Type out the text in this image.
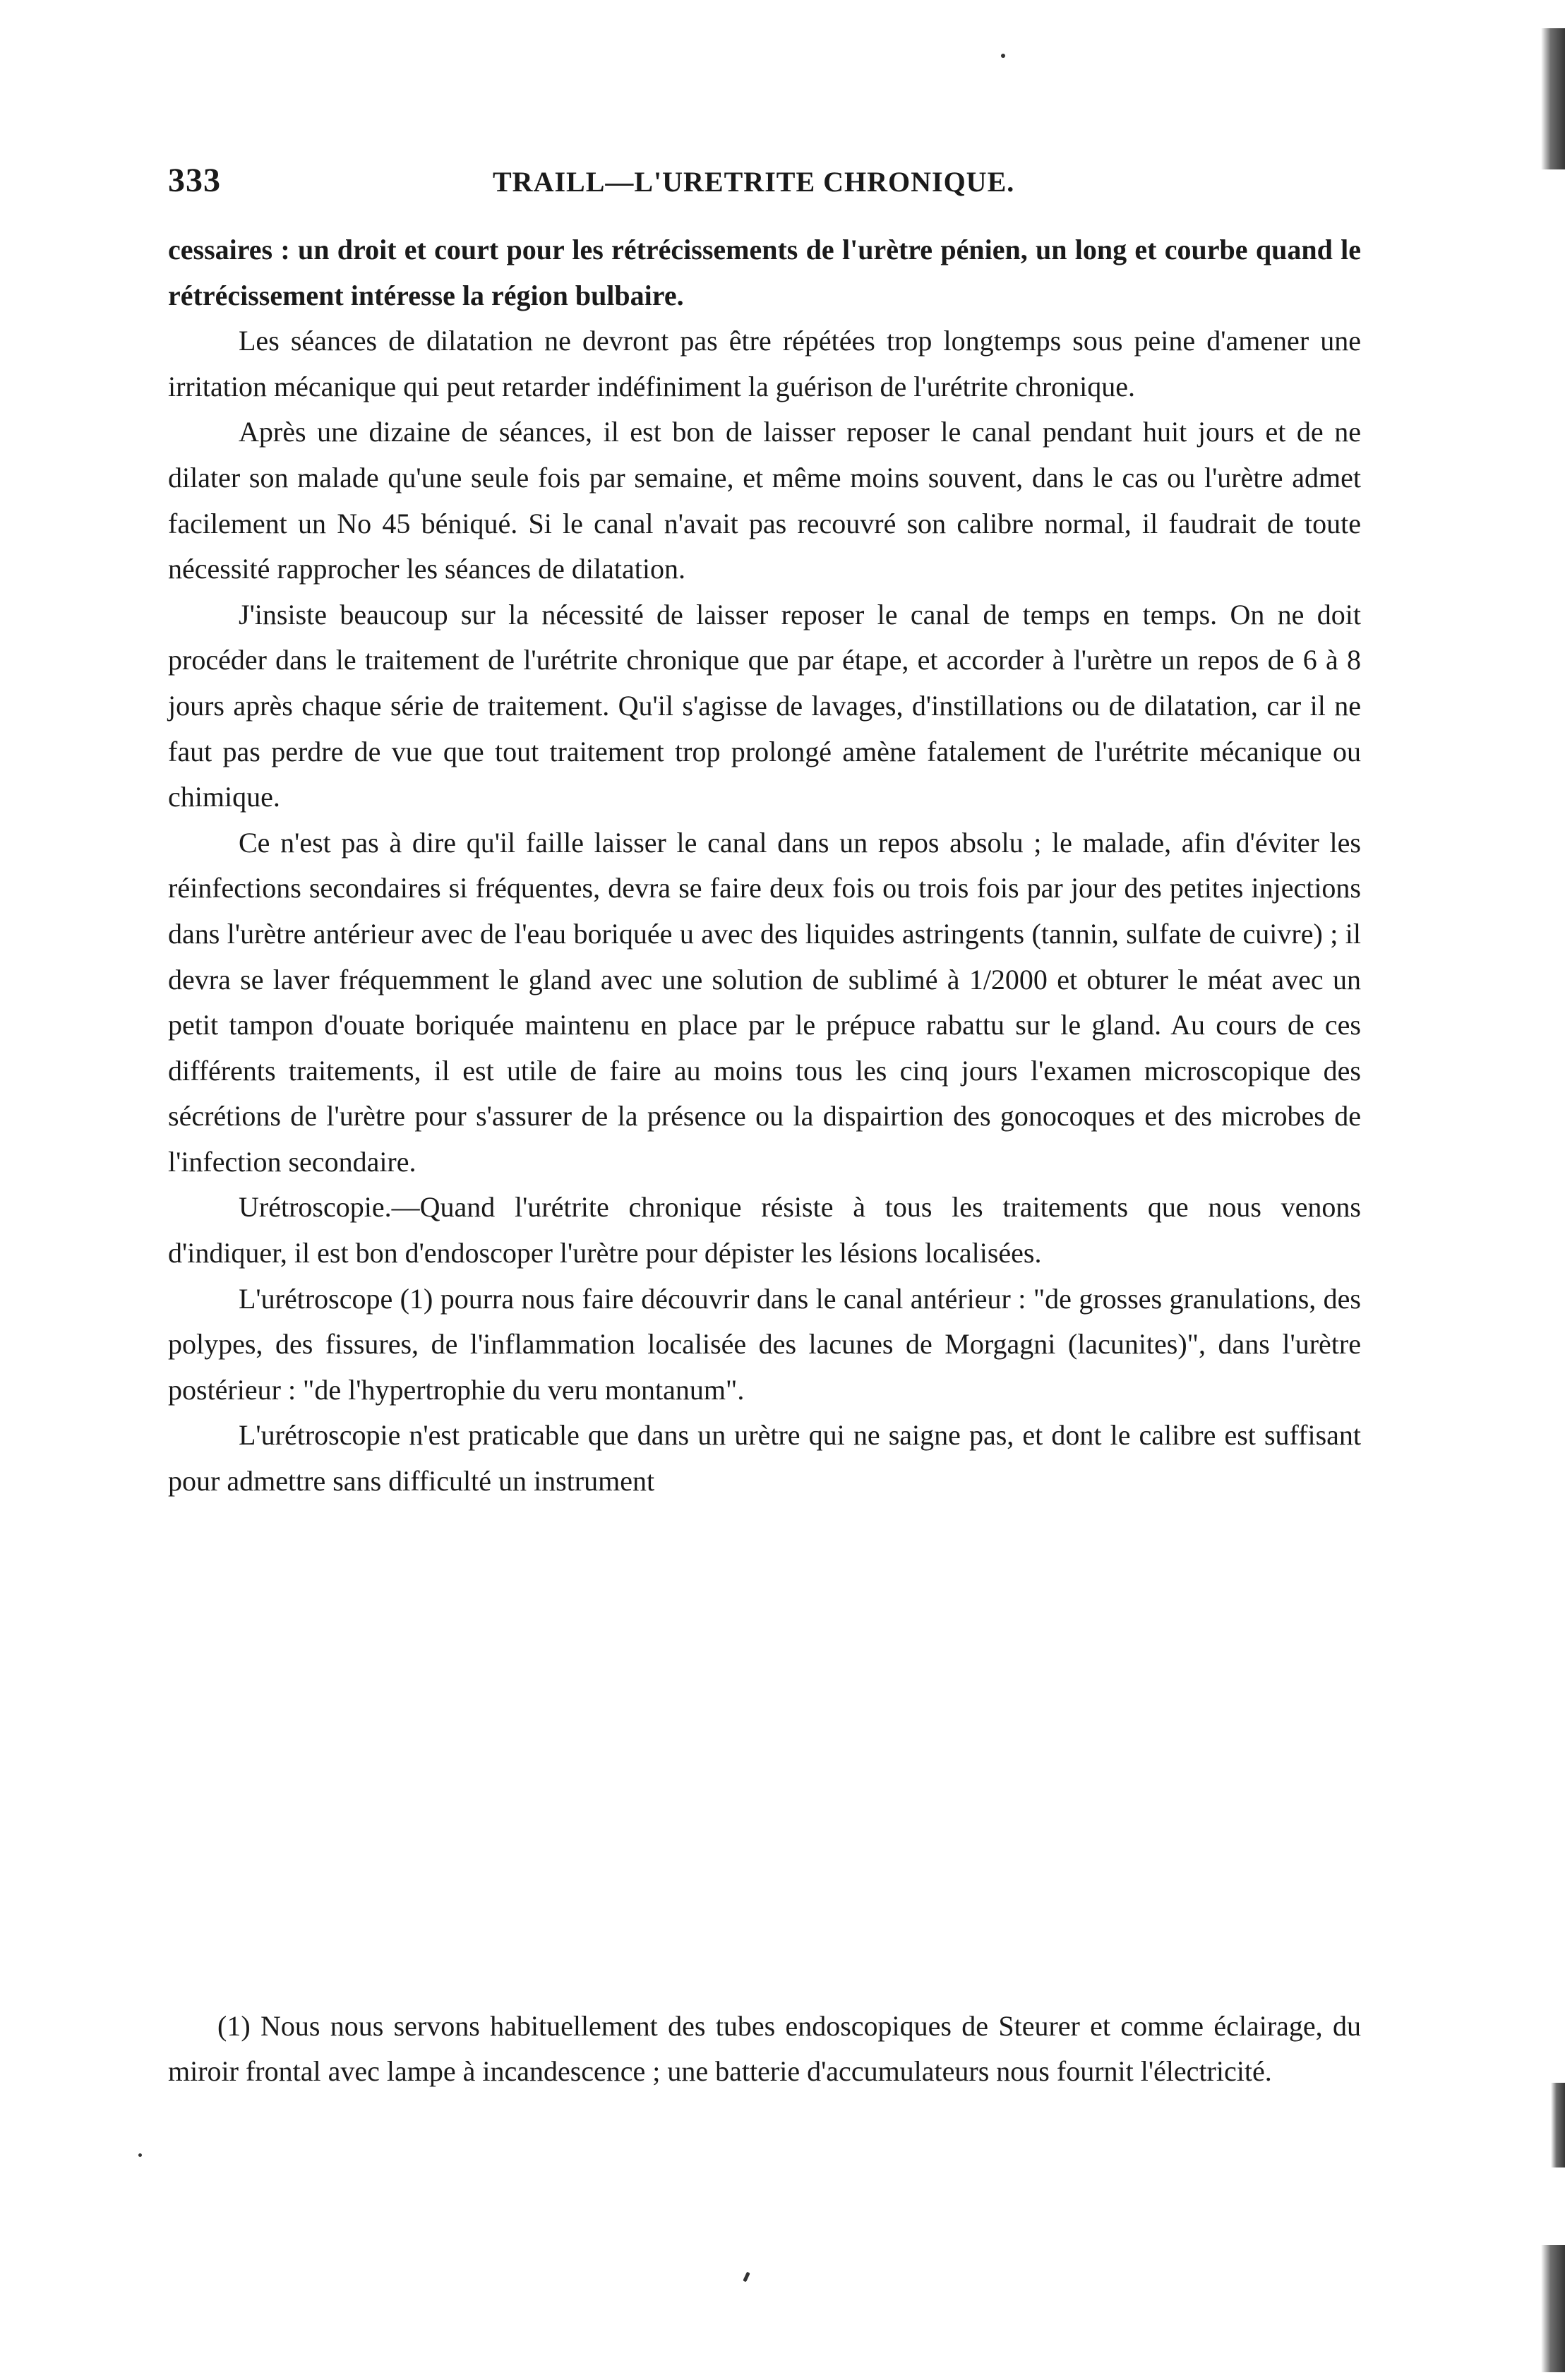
333	TRAILL—L'URETRITE CHRONIQUE.

cessaires : un droit et court pour les rétrécissements de l'urètre pénien, un long et courbe quand le rétrécissement intéresse la région bulbaire.

Les séances de dilatation ne devront pas être répétées trop longtemps sous peine d'amener une irritation mécanique qui peut retarder indéfiniment la guérison de l'urétrite chronique.

Après une dizaine de séances, il est bon de laisser reposer le canal pendant huit jours et de ne dilater son malade qu'une seule fois par semaine, et même moins souvent, dans le cas ou l'urètre admet facilement un No 45 béniqué. Si le canal n'avait pas recouvré son calibre normal, il faudrait de toute nécessité rapprocher les séances de dilatation.

J'insiste beaucoup sur la nécessité de laisser reposer le canal de temps en temps. On ne doit procéder dans le traitement de l'urétrite chronique que par étape, et accorder à l'urètre un repos de 6 à 8 jours après chaque série de traitement. Qu'il s'agisse de lavages, d'instillations ou de dilatation, car il ne faut pas perdre de vue que tout traitement trop prolongé amène fatalement de l'urétrite mécanique ou chimique.

Ce n'est pas à dire qu'il faille laisser le canal dans un repos absolu ; le malade, afin d'éviter les réinfections secondaires si fréquentes, devra se faire deux fois ou trois fois par jour des petites injections dans l'urètre antérieur avec de l'eau boriquée u avec des liquides astringents (tannin, sulfate de cuivre) ; il devra se laver fréquemment le gland avec une solution de sublimé à 1/2000 et obturer le méat avec un petit tampon d'ouate boriquée maintenu en place par le prépuce rabattu sur le gland. Au cours de ces différents traitements, il est utile de faire au moins tous les cinq jours l'examen microscopique des sécrétions de l'urètre pour s'assurer de la présence ou la dispairtion des gonocoques et des microbes de l'infection secondaire.

Urétroscopie.—Quand l'urétrite chronique résiste à tous les traitements que nous venons d'indiquer, il est bon d'endoscoper l'urètre pour dépister les lésions localisées.

L'urétroscope (1) pourra nous faire découvrir dans le canal antérieur : "de grosses granulations, des polypes, des fissures, de l'inflammation localisée des lacunes de Morgagni (lacunites)", dans l'urètre postérieur : "de l'hypertrophie du veru montanum".

L'urétroscopie n'est praticable que dans un urètre qui ne saigne pas, et dont le calibre est suffisant pour admettre sans difficulté un instrument

(1) Nous nous servons habituellement des tubes endoscopiques de Steurer et comme éclairage, du miroir frontal avec lampe à incandescence ; une batterie d'accumulateurs nous fournit l'électricité.
